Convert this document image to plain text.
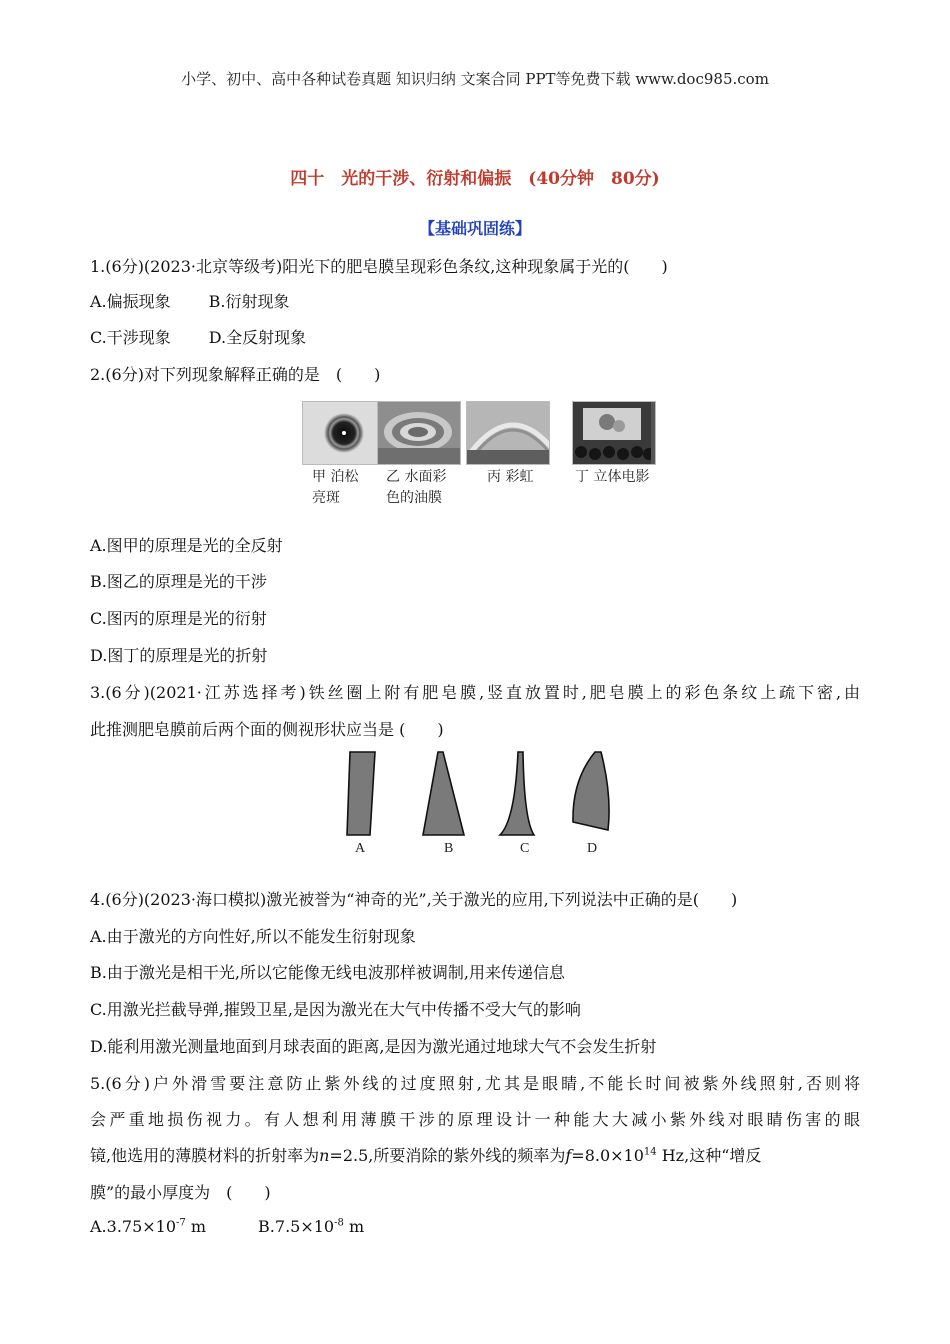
小学、初中、高中各种试卷真题 知识归纳 文案合同 PPT等免费下载 www.doc985.com
四十　光的干涉、衍射和偏振　(40分钟　80分)
【基础巩固练】
1.(6分)(2023·北京等级考)阳光下的肥皂膜呈现彩色条纹,这种现象属于光的(　　)
A.偏振现象 B.衍射现象
C.干涉现象 D.全反射现象
2.(6分)对下列现象解释正确的是　(　　)
甲 泊松
亮斑
乙 水面彩
色的油膜
丙 彩虹	丁 立体电影
A.图甲的原理是光的全反射
B.图乙的原理是光的干涉
C.图丙的原理是光的衍射
D.图丁的原理是光的折射
3.(6分)(2021·江苏选择考)铁丝圈上附有肥皂膜,竖直放置时,肥皂膜上的彩色条纹上疏下密,由
此推测肥皂膜前后两个面的侧视形状应当是 (　　)
A	B	C	D
4.(6分)(2023·海口模拟)激光被誉为“神奇的光”,关于激光的应用,下列说法中正确的是(　　)
A.由于激光的方向性好,所以不能发生衍射现象
B.由于激光是相干光,所以它能像无线电波那样被调制,用来传递信息
C.用激光拦截导弹,摧毁卫星,是因为激光在大气中传播不受大气的影响
D.能利用激光测量地面到月球表面的距离,是因为激光通过地球大气不会发生折射
5.(6分)户外滑雪要注意防止紫外线的过度照射,尤其是眼睛,不能长时间被紫外线照射,否则将
会严重地损伤视力。有人想利用薄膜干涉的原理设计一种能大大减小紫外线对眼睛伤害的眼
镜,他选用的薄膜材料的折射率为n=2.5,所要消除的紫外线的频率为$f=8.0\times 10^{14}$ Hz,这种“增反
膜”的最小厚度为　(　　)
$A.3.75\times 10^{-7}$ m	$B.7.5\times 10^{-8}$ m
